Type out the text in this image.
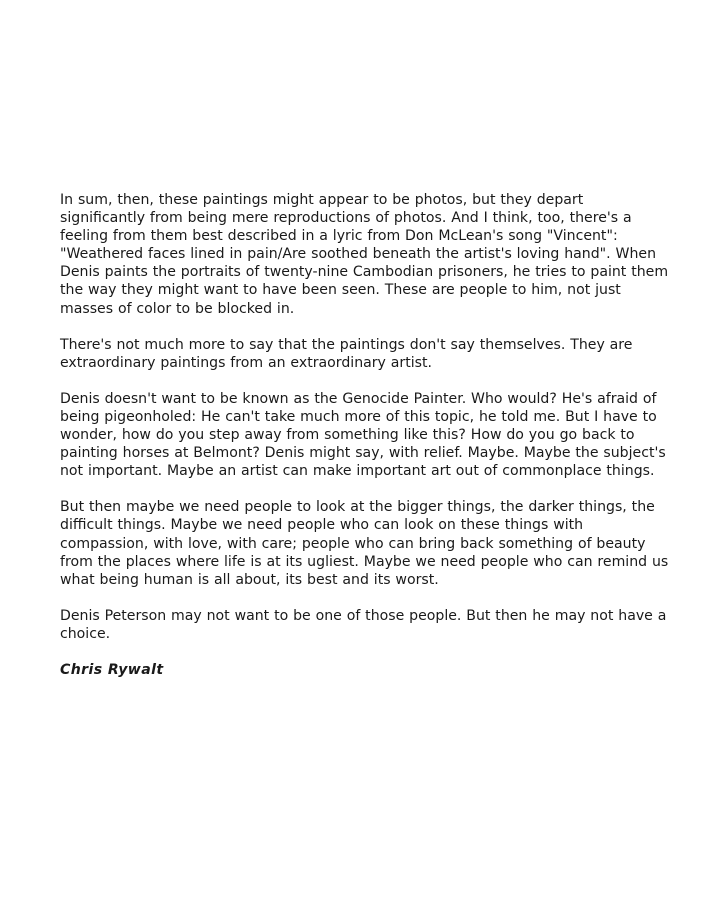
In sum, then, these paintings might appear to be photos, but they depart significantly from being mere reproductions of photos. And I think, too, there's a feeling from them best described in a lyric from Don McLean's song "Vincent": "Weathered faces lined in pain/Are soothed beneath the artist's loving hand". When Denis paints the portraits of twenty-nine Cambodian prisoners, he tries to paint them the way they might want to have been seen. These are people to him, not just masses of color to be blocked in.

There's not much more to say that the paintings don't say themselves. They are extraordinary paintings from an extraordinary artist.

Denis doesn't want to be known as the Genocide Painter. Who would? He's afraid of being pigeonholed: He can't take much more of this topic, he told me. But I have to wonder, how do you step away from something like this? How do you go back to painting horses at Belmont? Denis might say, with relief. Maybe. Maybe the subject's not important. Maybe an artist can make important art out of commonplace things.

But then maybe we need people to look at the bigger things, the darker things, the difficult things. Maybe we need people who can look on these things with compassion, with love, with care; people who can bring back something of beauty from the places where life is at its ugliest. Maybe we need people who can remind us what being human is all about, its best and its worst.

Denis Peterson may not want to be one of those people. But then he may not have a choice.

Chris Rywalt
